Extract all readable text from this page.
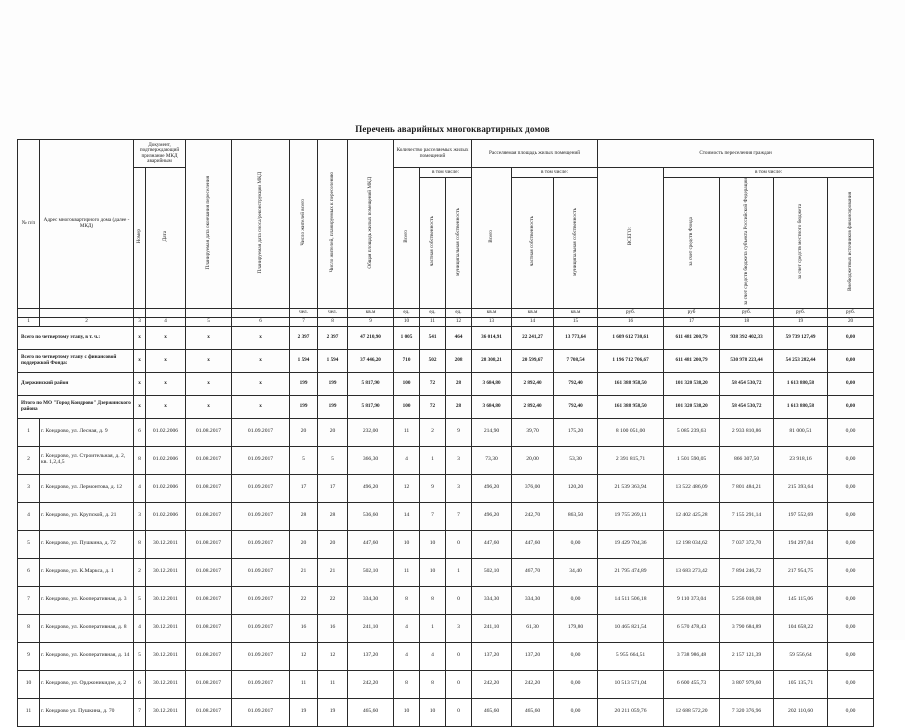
Перечень аварийных многоквартирных домов
№ п/п	Адрес многоквартирного дома (далее - МКД)	Документ, подтверждающий признание МКД аварийным		Планируемая дата окончания переселения	Планируемая дата сноса/реконструкции МКД	Число жителей всего	Число жителей, планируемых к переселению	Общая площадь жилых помещений МКД	Количество расселяемых жилых помещений			Расселяемая площадь жилых помещений			Стоимость переселения граждан				
		Номер	Дата						Всего	в том числе:		Всего	в том числе:		ВСЕГО:	в том числе:			
										частная собственность	муниципальная собственность		частная собственность	муниципальная собственность		за счет средств Фонда	за счет средств бюджета субъекта Российской Федерации	за счет средств местного бюджета	Внебюджетных источников финансирования
						чел.	чел.	кв.м	ед.	ед.	ед.	кв.м	кв.м	кв.м	руб.	руб	руб.	руб.	руб.
1	2	3	4	5	6	7	8	9	10	11	12	13	14	15	16	17	18	19	20
Всего по четвертому этапу, в т. ч.:		х	х	х	х	2 397	2 397	47 210,90	1 005	541	464	36 014,91	22 241,27	13 773,64	1 609 612 730,61	611 481 200,79	938 392 402,33	59 739 127,49	0,00
Всего по четвертому этапу с финансовой поддержкой Фонда:		х	х	х	х	1 594	1 594	37 446,20	710	502	208	28 308,21	20 599,67	7 708,54	1 196 712 706,67	611 481 200,79	530 978 223,44	54 253 282,44	0,00
Дзержинский район		х	х	х	х	199	199	5 817,90	100	72	28	3 684,80	2 892,40	792,40	161 388 958,50	101 320 538,20	58 454 530,72	1 613 880,58	0,00
Итого по МО "Город Кондрово" Дзержинского района		х	х	х	х	199	199	5 817,90	100	72	28	3 684,80	2 892,40	792,40	161 388 958,50	101 320 538,20	58 454 530,72	1 613 880,58	0,00
1	г. Кондрово, ул. Лесная, д. 9	6	01.02.2006	01.08.2017	01.09.2017	20	20	232,00	11	2	9	214,90	39,70	175,20	8 100 051,00	5 085 239,63	2 933 810,86	81 000,51	0,00
2	г. Кондрово, ул. Строительная, д. 2, кв. 1,2,4,5	8	01.02.2006	01.08.2017	01.09.2017	5	5	366,30	4	1	3	73,30	20,00	53,30	2 391 815,71	1 501 590,05	866 307,50	23 918,16	0,00
3	г. Кондрово, ул. Лермонтова, д. 12	4	01.02.2006	01.08.2017	01.09.2017	17	17	496,20	12	9	3	496,20	376,00	120,20	21 539 363,94	13 522 486,09	7 801 484,21	215 393,64	0,00
4	г. Кондрово, ул. Крупской, д. 21	3	01.02.2006	01.08.2017	01.09.2017	28	28	536,60	14	7	7	496,20	242,70	863,50	19 755 269,11	12 402 425,28	7 155 291,14	197 552,69	0,00
5	г. Кондрово, ул. Пушкина, д. 72	8	30.12.2011	01.08.2017	01.09.2017	20	20	447,60	10	10	0	447,60	447,60	0,00	19 429 704,36	12 198 034,62	7 037 372,70	194 297,04	0,00
6	г. Кондрово, ул. К.Маркса, д. 1	2	30.12.2011	01.08.2017	01.09.2017	21	21	502,10	11	10	1	502,10	467,70	34,40	21 795 474,89	13 683 273,42	7 894 246,72	217 954,75	0,00
7	г. Кондрово, ул. Кооперативная, д. 3	5	30.12.2011	01.08.2017	01.09.2017	22	22	334,30	8	8	0	334,30	334,30	0,00	14 511 506,18	9 110 373,04	5 256 018,08	145 115,06	0,00
8	г. Кондрово, ул. Кооперативная, д. 8	4	30.12.2011	01.08.2017	01.09.2017	16	16	241,10	4	1	3	241,10	61,30	179,80	10 465 821,54	6 570 478,43	3 790 684,89	104 658,22	0,00
9	г. Кондрово, ул. Кооперативная, д. 14	5	30.12.2011	01.08.2017	01.09.2017	12	12	137,20	4	4	0	137,20	137,20	0,00	5 955 664,51	3 738 986,48	2 157 121,39	59 556,64	0,00
10	г. Кондрово, ул. Орджоникидзе, д. 2	6	30.12.2011	01.08.2017	01.09.2017	11	11	242,20	8	8	0	242,20	242,20	0,00	10 513 571,04	6 600 455,73	3 807 979,60	105 135,71	0,00
11	г. Кондрово ул. Пушкина, д. 70	7	30.12.2011	01.08.2017	01.09.2017	19	19	465,60	10	10	0	465,60	465,60	0,00	20 211 059,76	12 688 572,20	7 320 376,96	202 110,60	0,00
